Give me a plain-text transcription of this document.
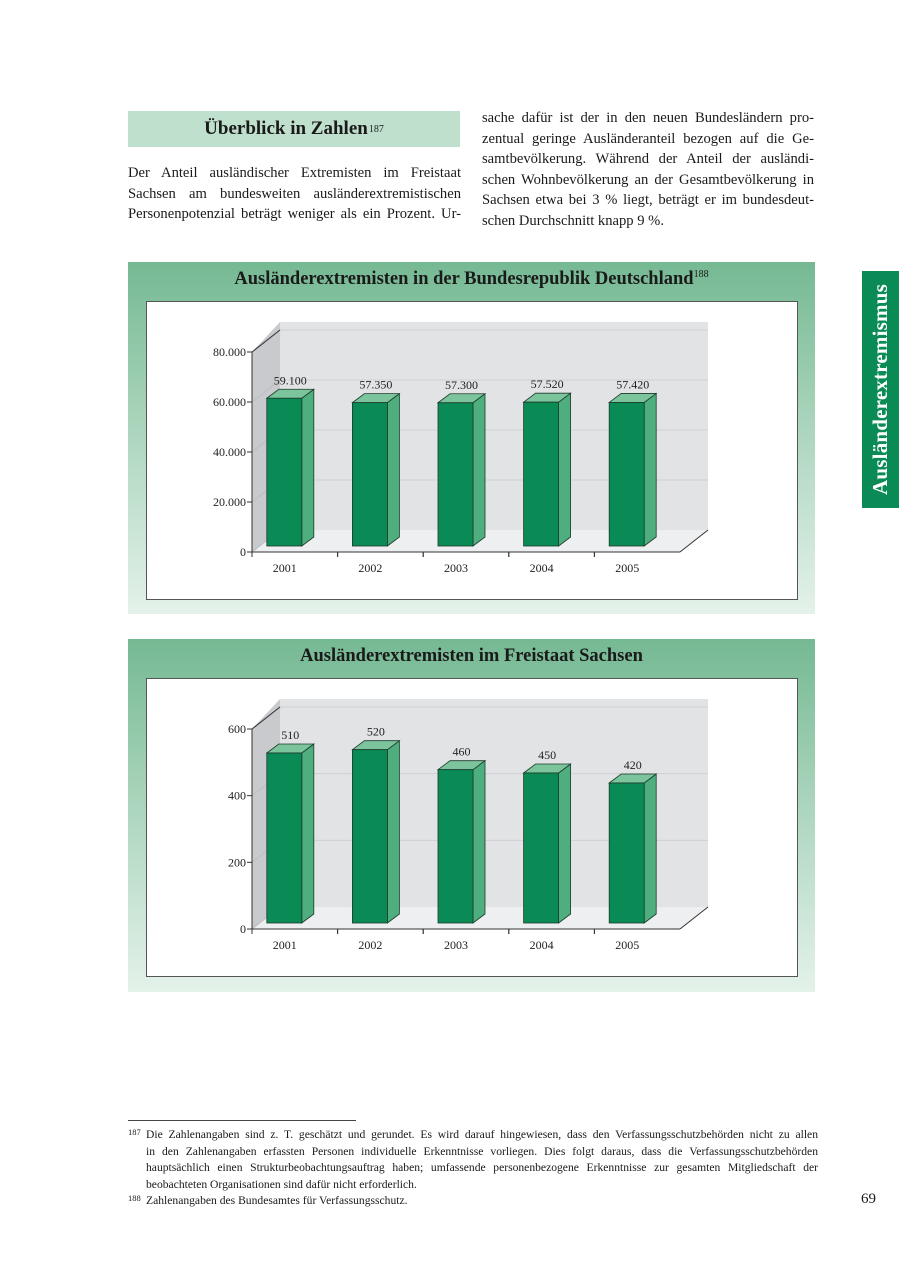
Überblick in Zahlen 187
Der Anteil ausländischer Extremisten im Freistaat
Sachsen am bundesweiten ausländerextremistischen
Personenpotenzial beträgt weniger als ein Prozent. Ur-
sache dafür ist der in den neuen Bundesländern pro-
zentual geringe Ausländeranteil bezogen auf die Ge-
samtbevölkerung. Während der Anteil der ausländi-
schen Wohnbevölkerung an der Gesamtbevölkerung in
Sachsen etwa bei 3 % liegt, beträgt er im bundesdeut-
schen Durchschnitt knapp 9 %.
Ausländerextremisten in der Bundesrepublik Deutschland$^{188}$
0
20.000
40.000
60.000
80.000
2001
59.100
2002
57.350
2003
57.300
2004
57.520
2005
57.420
Ausländerextremisten im Freistaat Sachsen
0
200
400
600
2001
510
2002
520
2003
460
2004
450
2005
420
Ausländerextremismus
187 Die Zahlenangaben sind z. T. geschätzt und gerundet. Es wird darauf hingewiesen, dass den Verfassungsschutzbehörden nicht zu allen
in den Zahlenangaben erfassten Personen individuelle Erkenntnisse vorliegen. Dies folgt daraus, dass die Verfassungsschutzbehörden
hauptsächlich einen Strukturbeobachtungsauftrag haben; umfassende personenbezogene Erkenntnisse zur gesamten Mitgliedschaft der
beobachteten Organisationen sind dafür nicht erforderlich.
188 Zahlenangaben des Bundesamtes für Verfassungsschutz.	69
